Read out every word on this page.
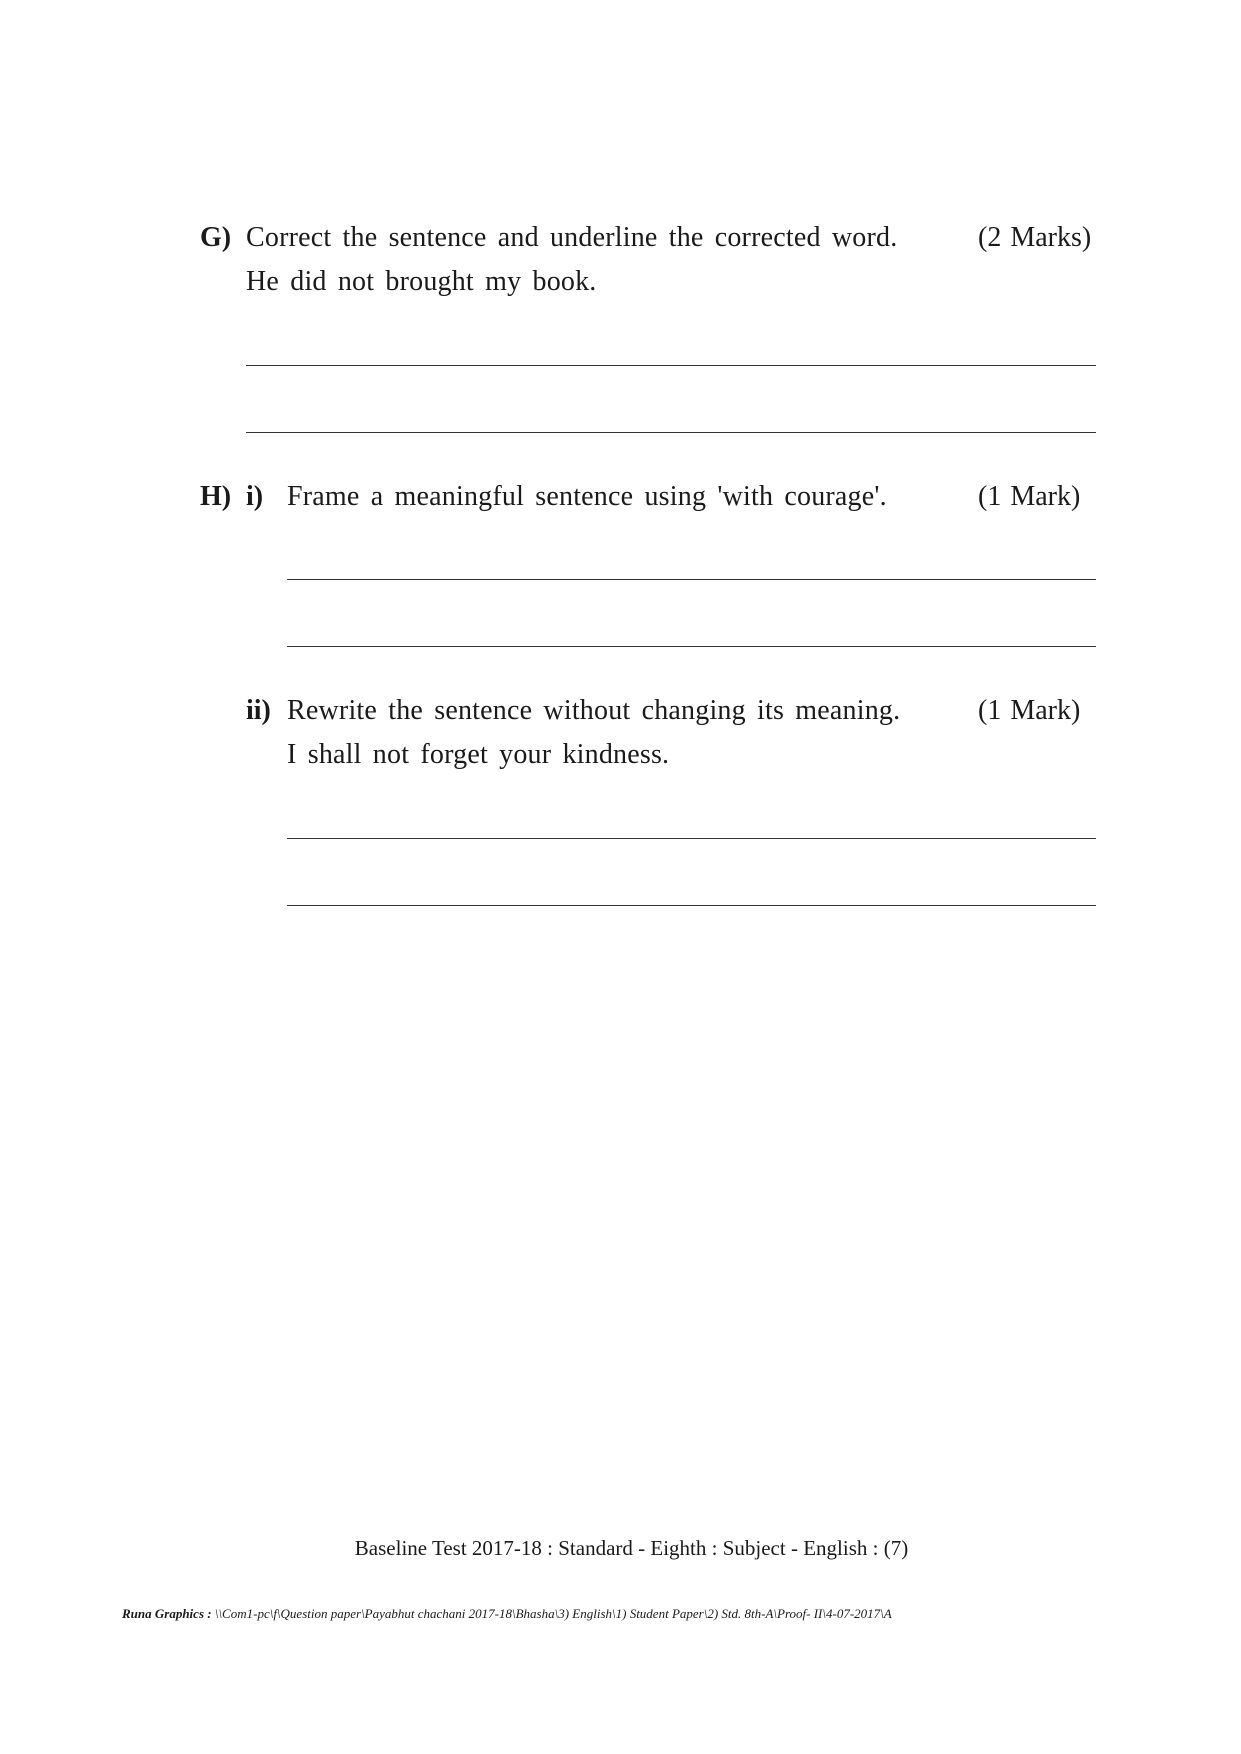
G) Correct the sentence and underline the corrected word.	(2 Marks)
He did not brought my book.
H) i) Frame a meaningful sentence using 'with courage'.	(1 Mark)
ii) Rewrite the sentence without changing its meaning.	(1 Mark)
I shall not forget your kindness.
Baseline Test 2017-18 : Standard - Eighth : Subject - English : (7)
Runa Graphics : \\Com1-pc\f\Question paper\Payabhut chachani 2017-18\Bhasha\3) English\1) Student Paper\2) Std. 8th-A\Proof- II\4-07-2017\A
